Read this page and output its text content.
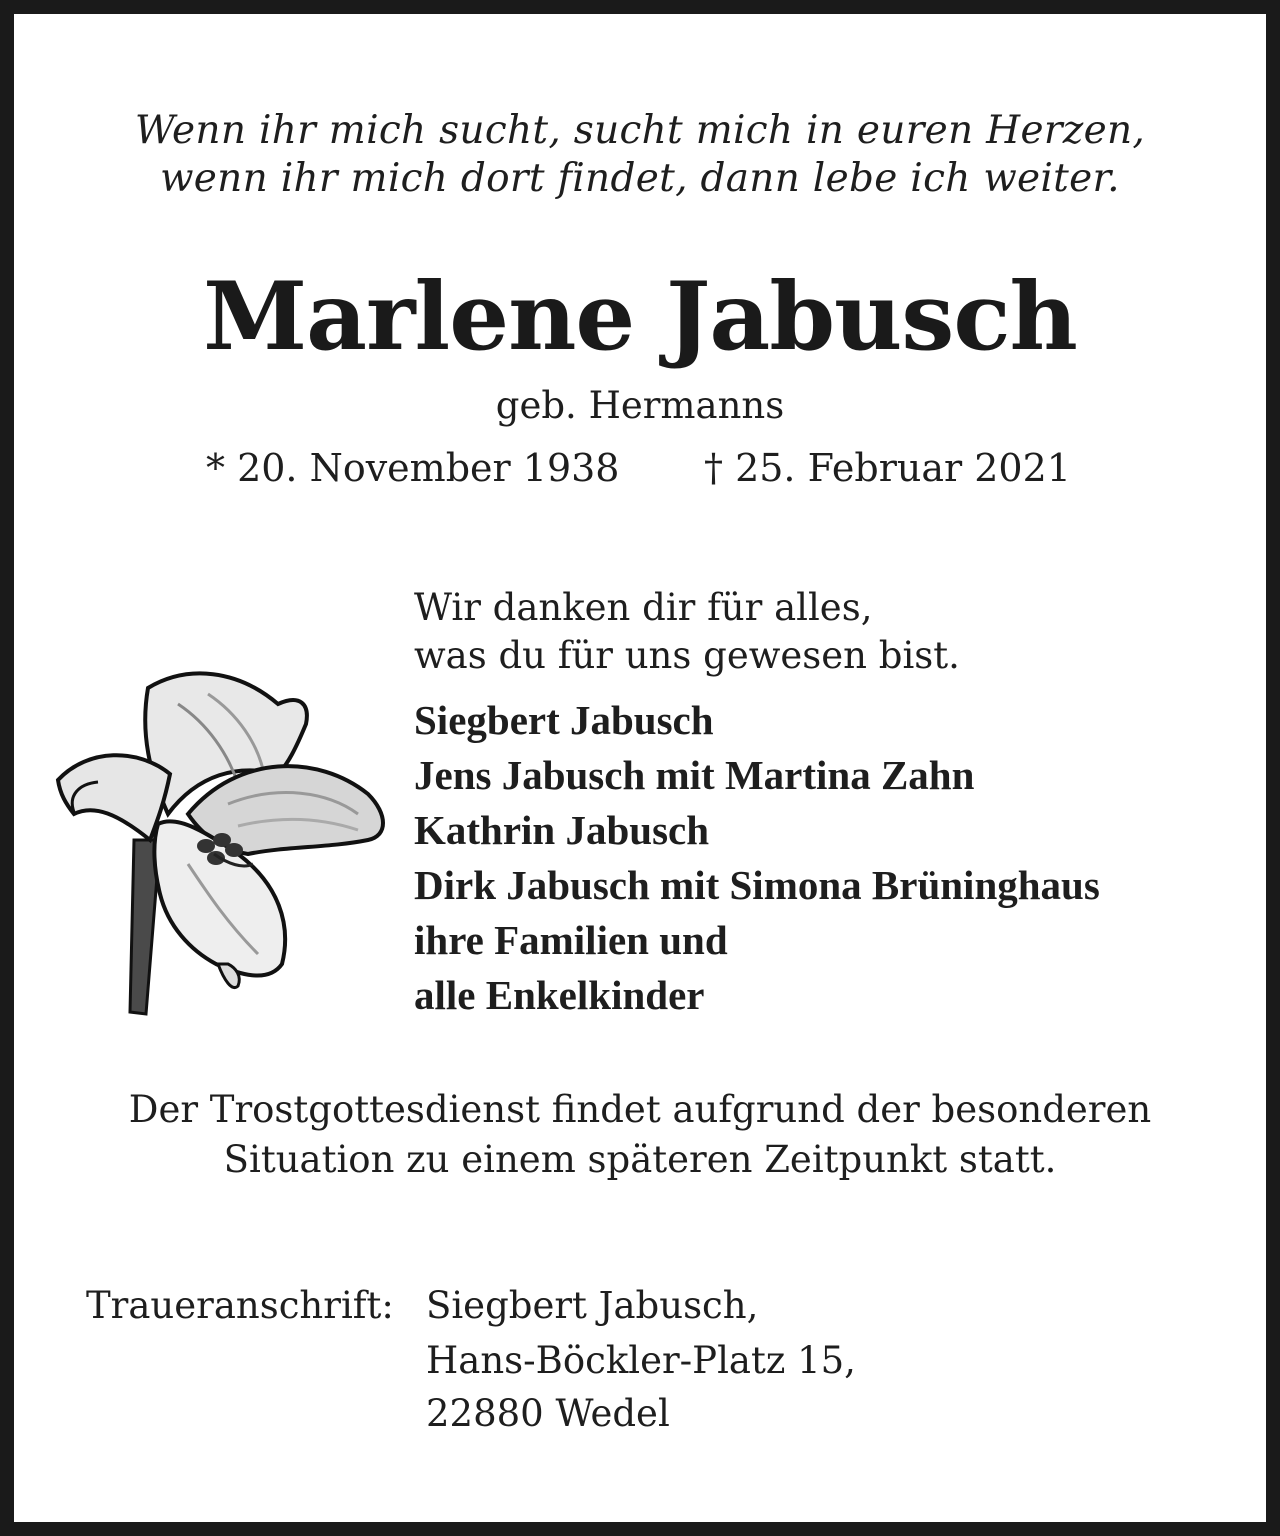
Wenn ihr mich sucht, sucht mich in euren Herzen,
wenn ihr mich dort findet, dann lebe ich weiter.
Marlene Jabusch
geb. Hermanns
* 20. November 1938 † 25. Februar 2021
Wir danken dir für alles,
was du für uns gewesen bist.
Siegbert Jabusch
Jens Jabusch mit Martina Zahn
Kathrin Jabusch
Dirk Jabusch mit Simona Brüninghaus
ihre Familien und
alle Enkelkinder
Der Trostgottesdienst findet aufgrund der besonderen
Situation zu einem späteren Zeitpunkt statt.
Traueranschrift: Siegbert Jabusch,
Hans-Böckler-Platz 15,
22880 Wedel
